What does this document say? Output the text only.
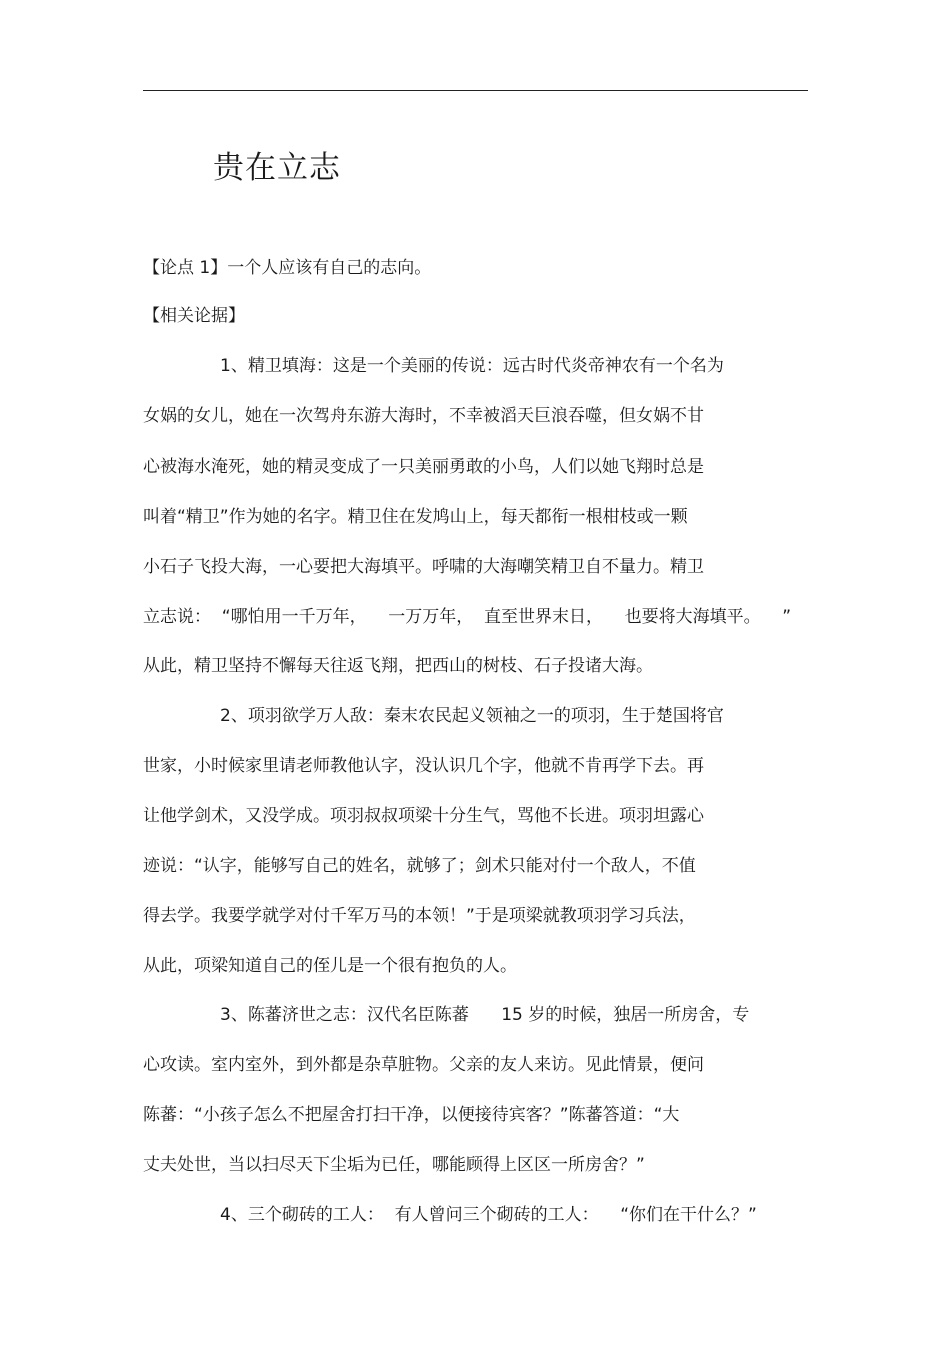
贵在立志

【论点 1】一个人应该有自己的志向。

【相关论据】

1、精卫填海：这是一个美丽的传说：远古时代炎帝神农有一个名为

女娲的女儿，她在一次驾舟东游大海时，不幸被滔天巨浪吞噬，但女娲不甘

心被海水淹死，她的精灵变成了一只美丽勇敢的小鸟，人们以她飞翔时总是

叫着“精卫”作为她的名字。精卫住在发鸠山上，每天都衔一根柑枝或一颗

小石子飞投大海，一心要把大海填平。呼啸的大海嘲笑精卫自不量力。精卫

立志说：  “哪怕用一千万年，    一万万年，  直至世界末日，    也要将大海填平。    ”

从此，精卫坚持不懈每天往返飞翔，把西山的树枝、石子投诸大海。

2、项羽欲学万人敌：秦末农民起义领袖之一的项羽，生于楚国将官

世家，小时候家里请老师教他认字，没认识几个字，他就不肯再学下去。再

让他学剑术，又没学成。项羽叔叔项梁十分生气，骂他不长进。项羽坦露心

迹说：“认字，能够写自己的姓名，就够了；剑术只能对付一个敌人，不值

得去学。我要学就学对付千军万马的本领！”于是项梁就教项羽学习兵法，

从此，项梁知道自己的侄儿是一个很有抱负的人。

3、陈蕃济世之志：汉代名臣陈蕃      15 岁的时候，独居一所房舍，专

心攻读。室内室外，到外都是杂草脏物。父亲的友人来访。见此情景，便问

陈蕃：“小孩子怎么不把屋舍打扫干净，以便接待宾客？”陈蕃答道：“大

丈夫处世，当以扫尽天下尘垢为已任，哪能顾得上区区一所房舍？”

4、三个砌砖的工人：  有人曾问三个砌砖的工人：    “你们在干什么？”
